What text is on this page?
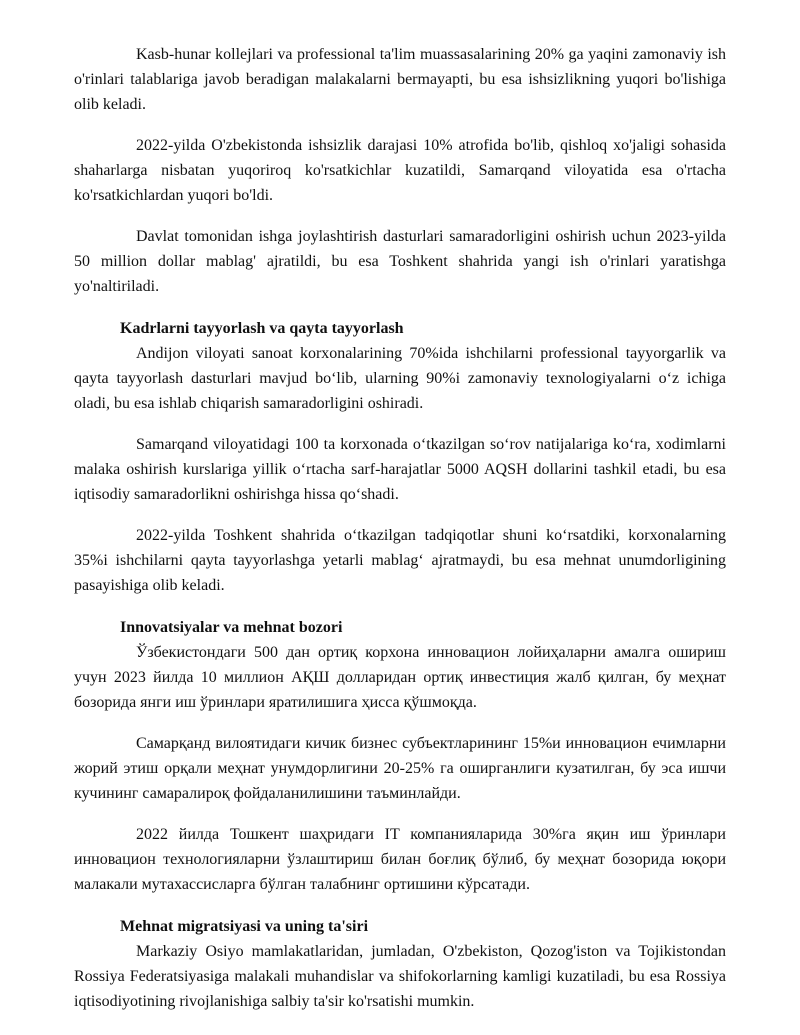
Kasb-hunar kollejlari va professional ta'lim muassasalarining 20% ga yaqini zamonaviy ish o'rinlari talablariga javob beradigan malakalarni bermayapti, bu esa ishsizlikning yuqori bo'lishiga olib keladi.

2022-yilda O'zbekistonda ishsizlik darajasi 10% atrofida bo'lib, qishloq xo'jaligi sohasida shaharlarga nisbatan yuqoriroq ko'rsatkichlar kuzatildi, Samarqand viloyatida esa o'rtacha ko'rsatkichlardan yuqori bo'ldi.

Davlat tomonidan ishga joylashtirish dasturlari samaradorligini oshirish uchun 2023-yilda 50 million dollar mablag' ajratildi, bu esa Toshkent shahrida yangi ish o'rinlari yaratishga yo'naltiriladi.

Kadrlarni tayyorlash va qayta tayyorlash

Andijon viloyati sanoat korxonalarining 70%ida ishchilarni professional tayyorgarlik va qayta tayyorlash dasturlari mavjud bo‘lib, ularning 90%i zamonaviy texnologiyalarni o‘z ichiga oladi, bu esa ishlab chiqarish samaradorligini oshiradi.

Samarqand viloyatidagi 100 ta korxonada o‘tkazilgan so‘rov natijalariga ko‘ra, xodimlarni malaka oshirish kurslariga yillik o‘rtacha sarf-harajatlar 5000 AQSH dollarini tashkil etadi, bu esa iqtisodiy samaradorlikni oshirishga hissa qo‘shadi.

2022-yilda Toshkent shahrida o‘tkazilgan tadqiqotlar shuni ko‘rsatdiki, korxonalarning 35%i ishchilarni qayta tayyorlashga yetarli mablag‘ ajratmaydi, bu esa mehnat unumdorligining pasayishiga olib keladi.

Innovatsiyalar va mehnat bozori

Ўзбекистондаги 500 дан ортиқ корхона инновацион лойиҳаларни амалга ошириш учун 2023 йилда 10 миллион АҚШ долларидан ортиқ инвестиция жалб қилган, бу меҳнат бозорида янги иш ўринлари яратилишига ҳисса қўшмоқда.

Самарқанд вилоятидаги кичик бизнес субъектларининг 15%и инновацион ечимларни жорий этиш орқали меҳнат унумдорлигини 20-25% га оширганлиги кузатилган, бу эса ишчи кучининг самаралироқ фойдаланилишини таъминлайди.

2022 йилда Тошкент шаҳридаги IT компанияларида 30%га яқин иш ўринлари инновацион технологияларни ўзлаштириш билан боғлиқ бўлиб, бу меҳнат бозорида юқори малакали мутахассисларга бўлган талабнинг ортишини кўрсатади.

Mehnat migratsiyasi va uning ta'siri

Markaziy Osiyo mamlakatlaridan, jumladan, O'zbekiston, Qozog'iston va Tojikistondan Rossiya Federatsiyasiga malakali muhandislar va shifokorlarning kamligi kuzatiladi, bu esa Rossiya iqtisodiyotining rivojlanishiga salbiy ta'sir ko'rsatishi mumkin.
